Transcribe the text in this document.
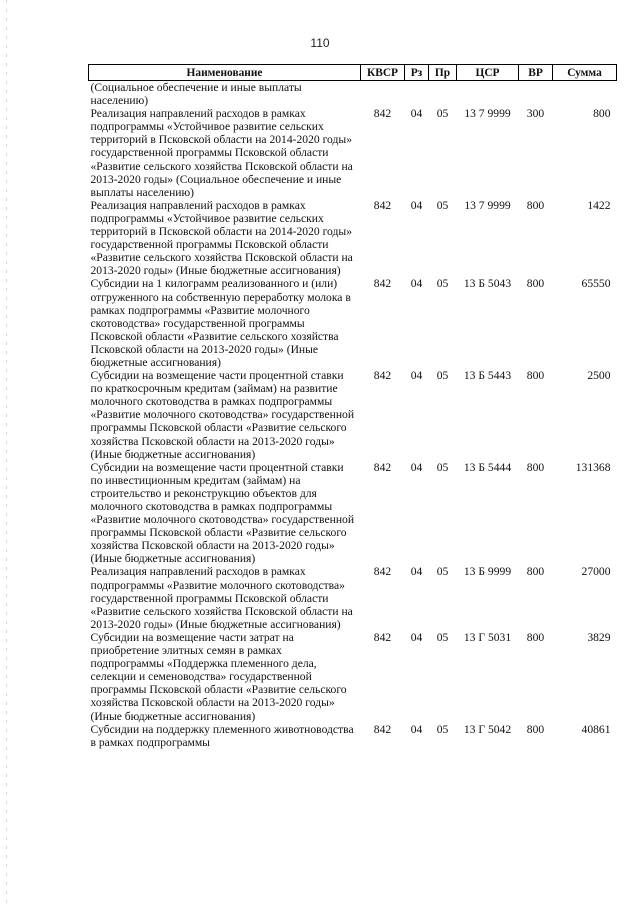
110
Наименование	КВСР	Рз	Пр	ЦСР	ВР	Сумма
(Социальное обеспечение и иные выплаты населению)						
Реализация направлений расходов в рамках подпрограммы «Устойчивое развитие сельских территорий в Псковской области на 2014-2020 годы» государственной программы Псковской области «Развитие сельского хозяйства Псковской области на 2013-2020 годы» (Социальное обеспечение и иные выплаты населению)	842	04	05	13 7 9999	300	800
Реализация направлений расходов в рамках подпрограммы «Устойчивое развитие сельских территорий в Псковской области на 2014-2020 годы» государственной программы Псковской области «Развитие сельского хозяйства Псковской области на 2013-2020 годы» (Иные бюджетные ассигнования)	842	04	05	13 7 9999	800	1422
Субсидии на 1 килограмм реализованного и (или) отгруженного на собственную переработку молока в рамках подпрограммы «Развитие молочного скотоводства» государственной программы Псковской области «Развитие сельского хозяйства Псковской области на 2013-2020 годы» (Иные бюджетные ассигнования)	842	04	05	13 Б 5043	800	65550
Субсидии на возмещение части процентной ставки по краткосрочным кредитам (займам) на развитие молочного скотоводства в рамках подпрограммы «Развитие молочного скотоводства» государственной программы Псковской области «Развитие сельского хозяйства Псковской области на 2013-2020 годы» (Иные бюджетные ассигнования)	842	04	05	13 Б 5443	800	2500
Субсидии на возмещение части процентной ставки по инвестиционным кредитам (займам) на строительство и реконструкцию объектов для молочного скотоводства в рамках подпрограммы «Развитие молочного скотоводства» государственной программы Псковской области «Развитие сельского хозяйства Псковской области на 2013-2020 годы» (Иные бюджетные ассигнования)	842	04	05	13 Б 5444	800	131368
Реализация направлений расходов в рамках подпрограммы «Развитие молочного скотоводства» государственной программы Псковской области «Развитие сельского хозяйства Псковской области на 2013-2020 годы» (Иные бюджетные ассигнования)	842	04	05	13 Б 9999	800	27000
Субсидии на возмещение части затрат на приобретение элитных семян в рамках подпрограммы «Поддержка племенного дела, селекции и семеноводства» государственной программы Псковской области «Развитие сельского хозяйства Псковской области на 2013-2020 годы» (Иные бюджетные ассигнования)	842	04	05	13 Г 5031	800	3829
Субсидии на поддержку племенного животноводства в рамках подпрограммы	842	04	05	13 Г 5042	800	40861
